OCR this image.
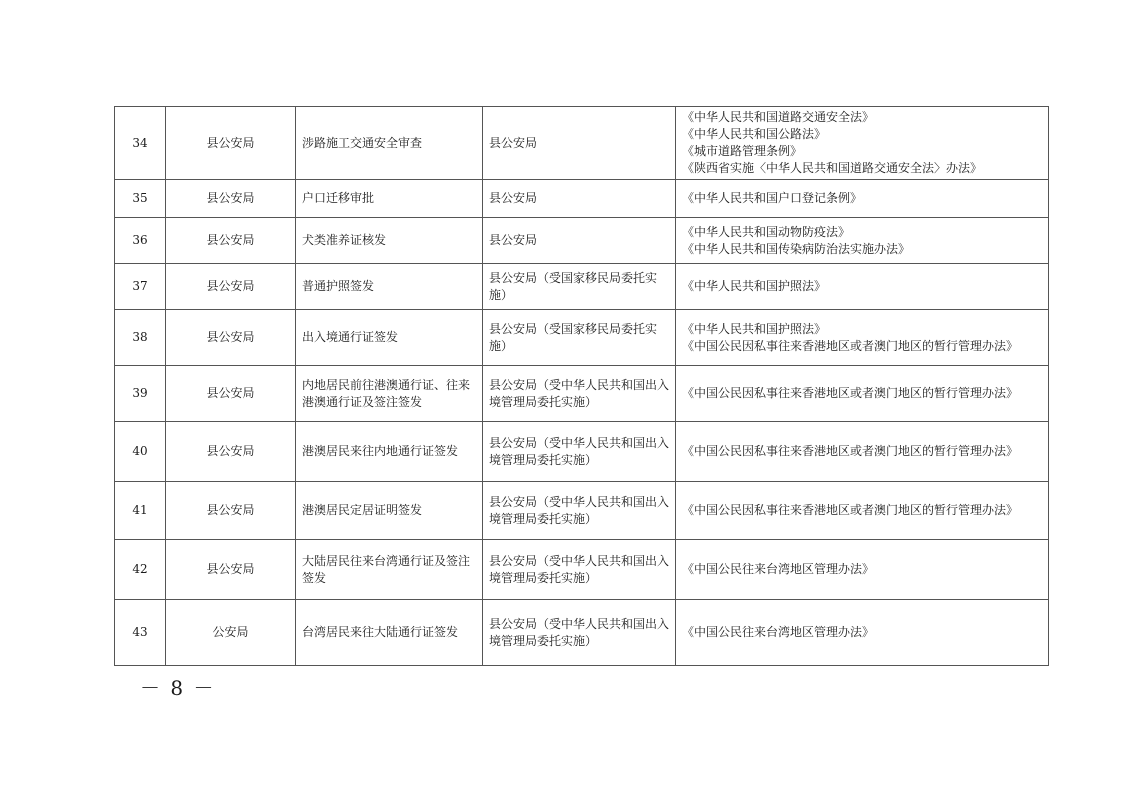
34	县公安局	涉路施工交通安全审查	县公安局	《中华人民共和国道路交通安全法》
《中华人民共和国公路法》
《城市道路管理条例》
《陕西省实施〈中华人民共和国道路交通安全法〉办法》

35	县公安局	户口迁移审批	县公安局	《中华人民共和国户口登记条例》

36	县公安局	犬类准养证核发	县公安局	《中华人民共和国动物防疫法》
《中华人民共和国传染病防治法实施办法》

37	县公安局	普通护照签发	县公安局（受国家移民局委托实施）	《中华人民共和国护照法》

38	县公安局	出入境通行证签发	县公安局（受国家移民局委托实施）	《中华人民共和国护照法》
《中国公民因私事往来香港地区或者澳门地区的暂行管理办法》

39	县公安局	内地居民前往港澳通行证、往来港澳通行证及签注签发	县公安局（受中华人民共和国出入境管理局委托实施）	《中国公民因私事往来香港地区或者澳门地区的暂行管理办法》

40	县公安局	港澳居民来往内地通行证签发	县公安局（受中华人民共和国出入境管理局委托实施）	《中国公民因私事往来香港地区或者澳门地区的暂行管理办法》

41	县公安局	港澳居民定居证明签发	县公安局（受中华人民共和国出入境管理局委托实施）	《中国公民因私事往来香港地区或者澳门地区的暂行管理办法》

42	县公安局	大陆居民往来台湾通行证及签注签发	县公安局（受中华人民共和国出入境管理局委托实施）	《中国公民往来台湾地区管理办法》

43	公安局	台湾居民来往大陆通行证签发	县公安局（受中华人民共和国出入境管理局委托实施）	《中国公民往来台湾地区管理办法》
－ 8 －
